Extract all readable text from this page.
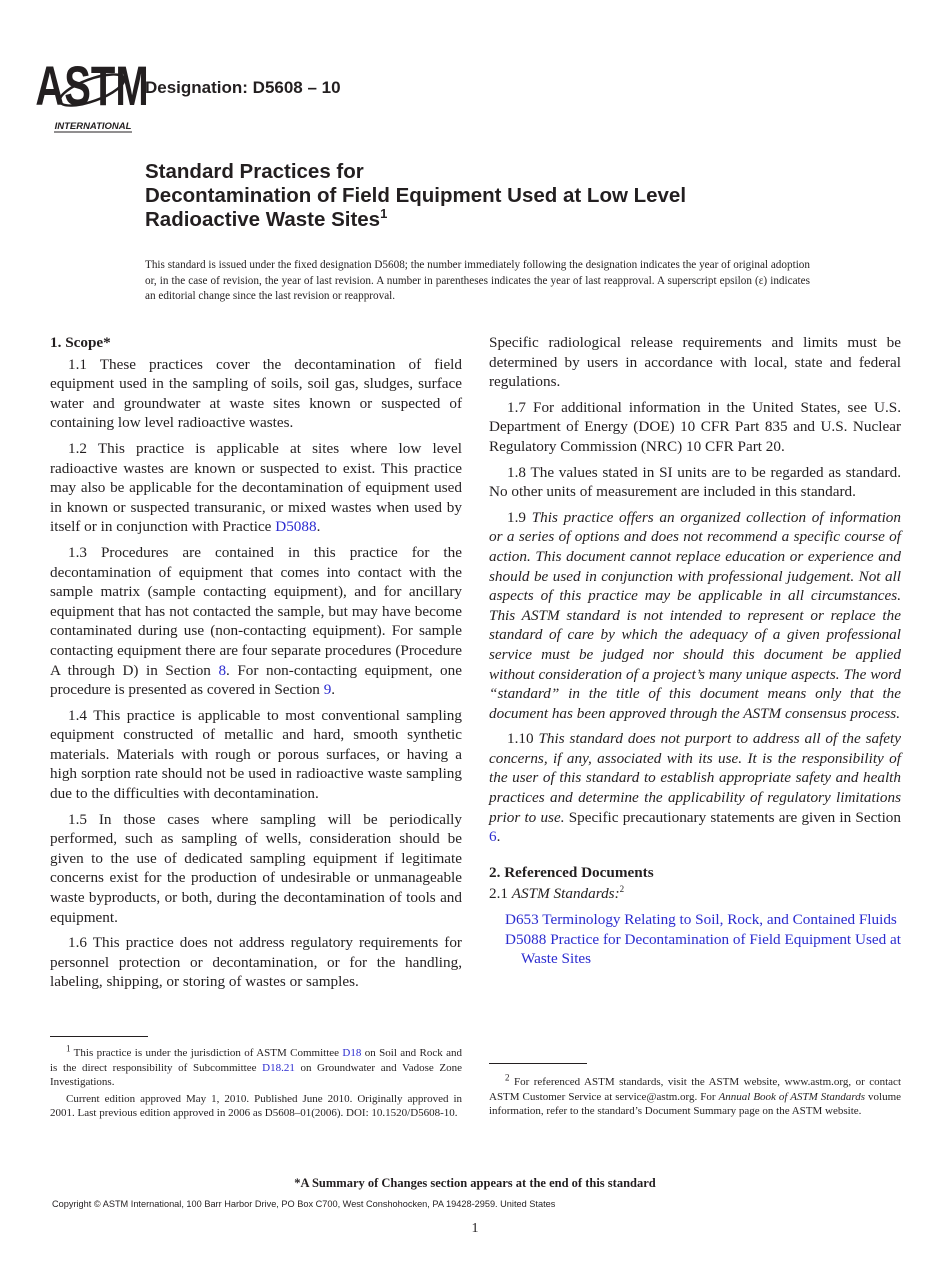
ASTM
INTERNATIONAL
Designation: D5608 – 10
Standard Practices for
Decontamination of Field Equipment Used at Low Level
Radioactive Waste Sites$^1$
This standard is issued under the fixed designation D5608; the number immediately following the designation indicates the year of original adoption or, in the case of revision, the year of last revision. A number in parentheses indicates the year of last reapproval. A superscript epsilon (ε) indicates an editorial change since the last revision or reapproval.
1. Scope*

1.1 These practices cover the decontamination of field equipment used in the sampling of soils, soil gas, sludges, surface water and groundwater at waste sites known or suspected of containing low level radioactive wastes.

1.2 This practice is applicable at sites where low level radioactive wastes are known or suspected to exist. This practice may also be applicable for the decontamination of equipment used in known or suspected transuranic, or mixed wastes when used by itself or in conjunction with Practice D5088.

1.3 Procedures are contained in this practice for the decontamination of equipment that comes into contact with the sample matrix (sample contacting equipment), and for ancillary equipment that has not contacted the sample, but may have become contaminated during use (non-contacting equipment). For sample contacting equipment there are four separate procedures (Procedure A through D) in Section 8. For non-contacting equipment, one procedure is presented as covered in Section 9.

1.4 This practice is applicable to most conventional sampling equipment constructed of metallic and hard, smooth synthetic materials. Materials with rough or porous surfaces, or having a high sorption rate should not be used in radioactive waste sampling due to the difficulties with decontamination.

1.5 In those cases where sampling will be periodically performed, such as sampling of wells, consideration should be given to the use of dedicated sampling equipment if legitimate concerns exist for the production of undesirable or unmanageable waste byproducts, or both, during the decontamination of tools and equipment.

1.6 This practice does not address regulatory requirements for personnel protection or decontamination, or for the handling, labeling, shipping, or storing of wastes or samples.

Specific radiological release requirements and limits must be determined by users in accordance with local, state and federal regulations.

1.7 For additional information in the United States, see U.S. Department of Energy (DOE) 10 CFR Part 835 and U.S. Nuclear Regulatory Commission (NRC) 10 CFR Part 20.

1.8 The values stated in SI units are to be regarded as standard. No other units of measurement are included in this standard.

1.9 This practice offers an organized collection of information or a series of options and does not recommend a specific course of action. This document cannot replace education or experience and should be used in conjunction with professional judgement. Not all aspects of this practice may be applicable in all circumstances. This ASTM standard is not intended to represent or replace the standard of care by which the adequacy of a given professional service must be judged nor should this document be applied without consideration of a project’s many unique aspects. The word “standard” in the title of this document means only that the document has been approved through the ASTM consensus process.

1.10 This standard does not purport to address all of the safety concerns, if any, associated with its use. It is the responsibility of the user of this standard to establish appropriate safety and health practices and determine the applicability of regulatory limitations prior to use. Specific precautionary statements are given in Section 6.

2. Referenced Documents

2.1 ASTM Standards:$^2$

D653 Terminology Relating to Soil, Rock, and Contained Fluids

D5088 Practice for Decontamination of Field Equipment Used at Waste Sites

$^1$ This practice is under the jurisdiction of ASTM Committee D18 on Soil and Rock and is the direct responsibility of Subcommittee D18.21 on Groundwater and Vadose Zone Investigations.

Current edition approved May 1, 2010. Published June 2010. Originally approved in 2001. Last previous edition approved in 2006 as D5608–01(2006). DOI: 10.1520/D5608-10.

$^2$ For referenced ASTM standards, visit the ASTM website, www.astm.org, or contact ASTM Customer Service at service@astm.org. For Annual Book of ASTM Standards volume information, refer to the standard’s Document Summary page on the ASTM website.

*A Summary of Changes section appears at the end of this standard
Copyright © ASTM International, 100 Barr Harbor Drive, PO Box C700, West Conshohocken, PA 19428-2959. United States
1
